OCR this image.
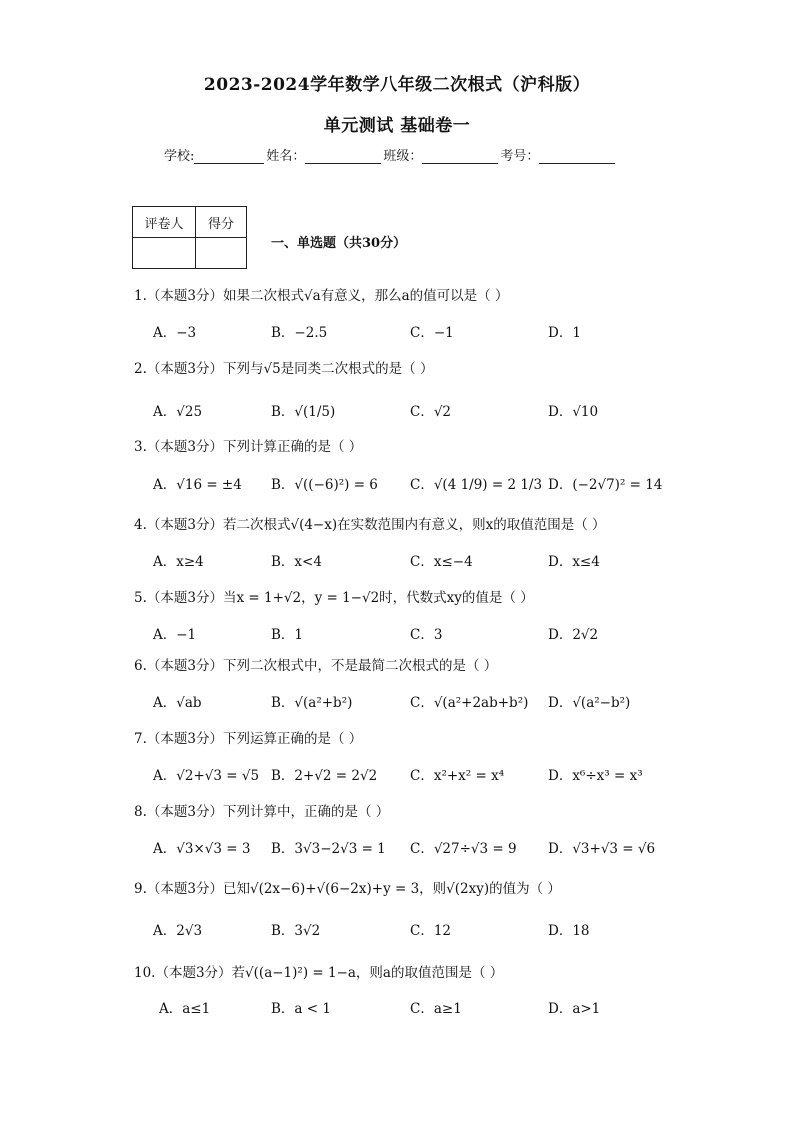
2023-2024学年数学八年级二次根式（沪科版）
单元测试 基础卷一
学校:	姓名：	班级：	考号：
评卷人	得分

一、单选题（共30分）
1.（本题3分）如果二次根式√a有意义，那么a的值可以是（ ）
A．−3	B．−2.5	C．−1	D．1
2.（本题3分）下列与√5是同类二次根式的是（ ）
A．√25	B．√(1/5)	C．√2	D．√10
3.（本题3分）下列计算正确的是（ ）
A．√16 = ±4 B．√((−6)²) = 6 C．√(4 1/9) = 2 1/3 D．(−2√7)² = 14
4.（本题3分）若二次根式√(4−x)在实数范围内有意义，则x的取值范围是（ ）
A．x≥4	B．x<4	C．x≤−4	D．x≤4
5.（本题3分）当x = 1+√2，y = 1−√2时，代数式xy的值是（ ）
A．−1	B．1	C．3	D．2√2
6.（本题3分）下列二次根式中，不是最简二次根式的是（ ）
A．√ab	B．√(a²+b²)	C．√(a²+2ab+b²) D．√(a²−b²)
7.（本题3分）下列运算正确的是（ ）
A．√2+√3 = √5 B．2+√2 = 2√2 C．x²+x² = x⁴	D．x⁶÷x³ = x³
8.（本题3分）下列计算中，正确的是（ ）
A．√3×√3 = 3 B．3√3−2√3 = 1 C．√27÷√3 = 9 D．√3+√3 = √6
9.（本题3分）已知√(2x−6)+√(6−2x)+y = 3，则√(2xy)的值为（ ）
A．2√3	B．3√2	C．12	D．18
10.（本题3分）若√((a−1)²) = 1−a，则a的取值范围是（ ）
A．a≤1	B．a < 1	C．a≥1	D．a>1
